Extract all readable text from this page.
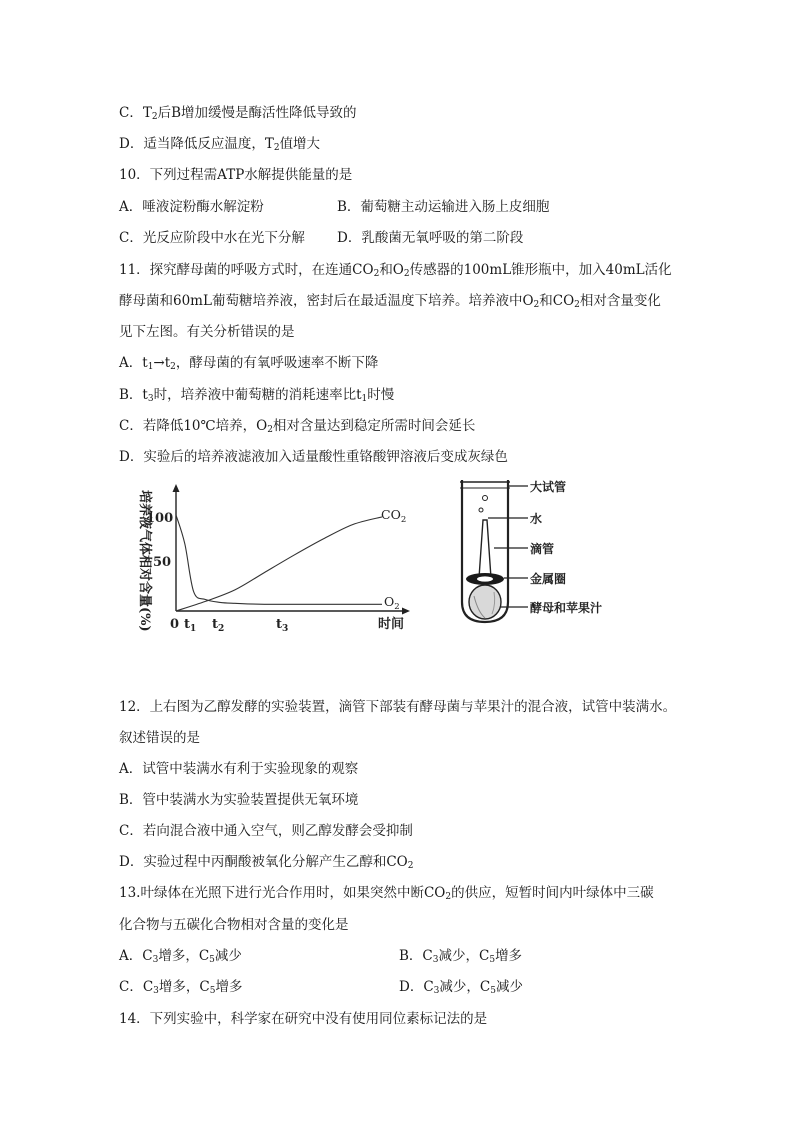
C．$T_2$后B增加缓慢是酶活性降低导致的
D．适当降低反应温度，$T_2$值增大
10．下列过程需ATP水解提供能量的是
A．唾液淀粉酶水解淀粉	B．葡萄糖主动运输进入肠上皮细胞
C．光反应阶段中水在光下分解 D．乳酸菌无氧呼吸的第二阶段
11．探究酵母菌的呼吸方式时，在连通$CO_2$和$O_2$传感器的100mL锥形瓶中，加入40mL活化
酵母菌和60mL葡萄糖培养液，密封后在最适温度下培养。培养液中$O_2$和$CO_2$相对含量变化
见下左图。有关分析错误的是
A．$t_1\to t_2$，酵母菌的有氧呼吸速率不断下降
B．$t_3$时，培养液中葡萄糖的消耗速率比$t_1$时慢
C．若降低10℃培养，$O_2$相对含量达到稳定所需时间会延长
D．实验后的培养液滤液加入适量酸性重铬酸钾溶液后变成灰绿色
培养液气体相对含量(%)
100
50
0 $t_1$ $t_2$	$t_3$	时间
$CO_2$
$O_2$
大试管
水
滴管
金属圈
酵母和苹果汁
12．上右图为乙醇发酵的实验装置，滴管下部装有酵母菌与苹果汁的混合液，试管中装满水。
叙述错误的是
A．试管中装满水有利于实验现象的观察
B．管中装满水为实验装置提供无氧环境
C．若向混合液中通入空气，则乙醇发酵会受抑制
D．实验过程中丙酮酸被氧化分解产生乙醇和$CO_2$
13.叶绿体在光照下进行光合作用时，如果突然中断$CO_2$的供应，短暂时间内叶绿体中三碳
化合物与五碳化合物相对含量的变化是
A．$C_3$增多，$C_5$减少	B．$C_3$减少，$C_5$增多
C．$C_3$增多，$C_5$增多	D．$C_3$减少，$C_5$减少
14．下列实验中，科学家在研究中没有使用同位素标记法的是
